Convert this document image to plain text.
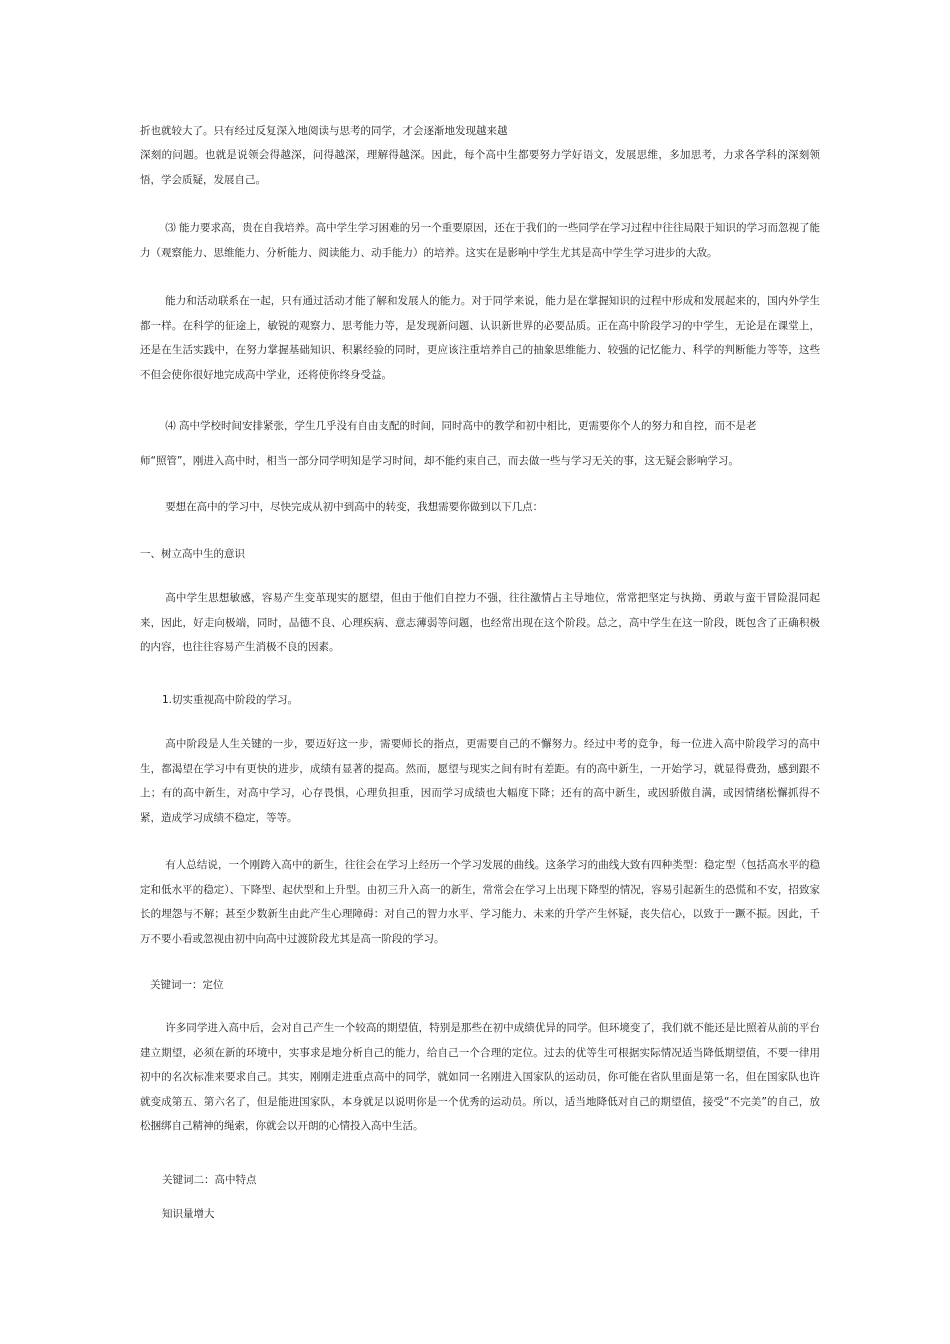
折也就较大了。只有经过反复深入地阅读与思考的同学，才会逐渐地发现越来越
深刻的问题。也就是说领会得越深，问得越深，理解得越深。因此，每个高中生都要努力学好语文，发展思维，多加思考，力求各学科的深刻领悟，学会质疑，发展自己。
⑶ 能力要求高，贵在自我培养。高中学生学习困难的另一个重要原因，还在于我们的一些同学在学习过程中往往局限于知识的学习而忽视了能力（观察能力、思维能力、分析能力、阅读能力、动手能力）的培养。这实在是影响中学生尤其是高中学生学习进步的大敌。
能力和活动联系在一起，只有通过活动才能了解和发展人的能力。对于同学来说，能力是在掌握知识的过程中形成和发展起来的，国内外学生都一样。在科学的征途上，敏锐的观察力、思考能力等，是发现新问题、认识新世界的必要品质。正在高中阶段学习的中学生，无论是在课堂上，还是在生活实践中，在努力掌握基础知识、积累经验的同时，更应该注重培养自己的抽象思维能力、较强的记忆能力、科学的判断能力等等，这些不但会使你很好地完成高中学业，还将使你终身受益。
⑷ 高中学校时间安排紧张，学生几乎没有自由支配的时间，同时高中的教学和初中相比，更需要你个人的努力和自控，而不是老
师“照管”，刚进入高中时，相当一部分同学明知是学习时间，却不能约束自己，而去做一些与学习无关的事，这无疑会影响学习。
要想在高中的学习中，尽快完成从初中到高中的转变，我想需要你做到以下几点：
一、树立高中生的意识
高中学生思想敏感，容易产生变革现实的愿望，但由于他们自控力不强，往往激情占主导地位，常常把坚定与执拗、勇敢与蛮干冒险混同起来，因此，好走向极端，同时，品德不良、心理疾病、意志薄弱等问题，也经常出现在这个阶段。总之，高中学生在这一阶段，既包含了正确积极的内容，也往往容易产生消极不良的因素。
1.切实重视高中阶段的学习。
高中阶段是人生关键的一步，要迈好这一步，需要师长的指点，更需要自己的不懈努力。经过中考的竞争，每一位进入高中阶段学习的高中生，都渴望在学习中有更快的进步，成绩有显著的提高。然而，愿望与现实之间有时有差距。有的高中新生，一开始学习，就显得费劲，感到跟不上；有的高中新生，对高中学习，心存畏惧，心理负担重，因而学习成绩也大幅度下降；还有的高中新生，或因骄傲自满，或因情绪松懈抓得不紧，造成学习成绩不稳定，等等。
有人总结说，一个刚跨入高中的新生，往往会在学习上经历一个学习发展的曲线。这条学习的曲线大致有四种类型：稳定型（包括高水平的稳定和低水平的稳定）、下降型、起伏型和上升型。由初三升入高一的新生，常常会在学习上出现下降型的情况，容易引起新生的恐慌和不安，招致家长的埋怨与不解；甚至少数新生由此产生心理障碍：对自己的智力水平、学习能力、未来的升学产生怀疑，丧失信心，以致于一蹶不振。因此，千万不要小看或忽视由初中向高中过渡阶段尤其是高一阶段的学习。
关键词一：定位
许多同学进入高中后，会对自己产生一个较高的期望值，特别是那些在初中成绩优异的同学。但环境变了，我们就不能还是比照着从前的平台建立期望，必须在新的环境中，实事求是地分析自己的能力，给自己一个合理的定位。过去的优等生可根据实际情况适当降低期望值，不要一律用初中的名次标准来要求自己。其实，刚刚走进重点高中的同学，就如同一名刚进入国家队的运动员，你可能在省队里面是第一名，但在国家队也许就变成第五、第六名了，但是能进国家队，本身就足以说明你是一个优秀的运动员。所以，适当地降低对自己的期望值，接受“不完美”的自己，放松捆绑自己精神的绳索，你就会以开朗的心情投入高中生活。
关键词二：高中特点
知识量增大
